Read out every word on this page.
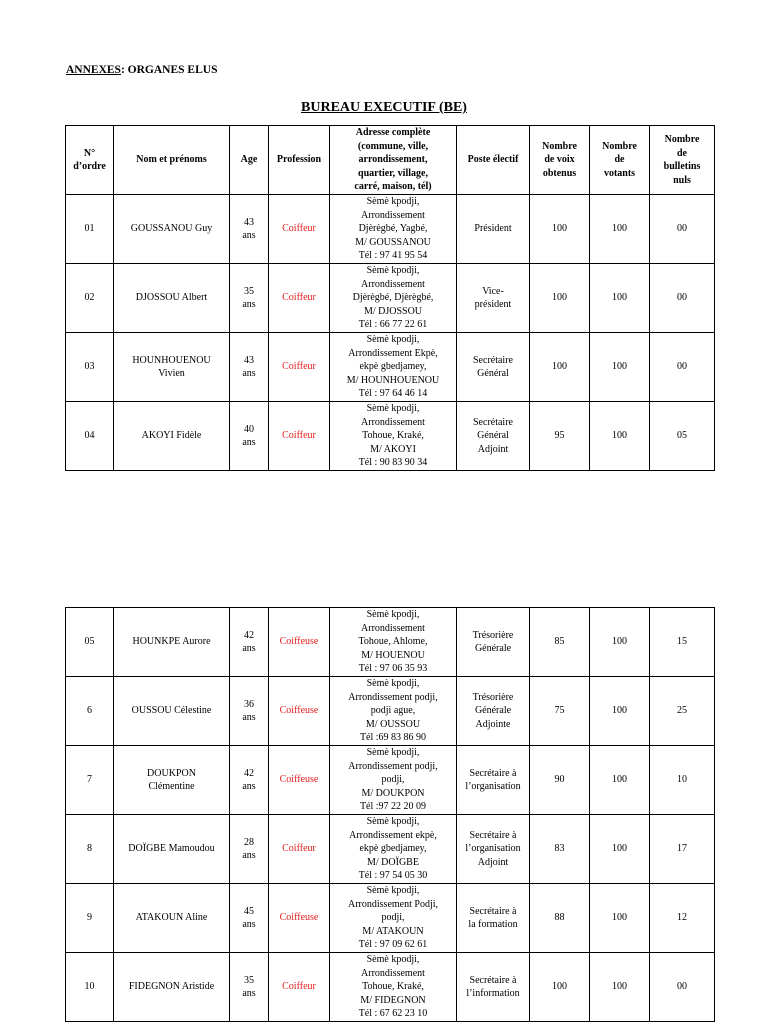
ANNEXES: ORGANES ELUS
BUREAU EXECUTIF (BE)
N°
d’ordre	Nom et prénoms	Age	Profession	Adresse complète
(commune, ville,
arrondissement,
quartier, village,
carré, maison, tél)	Poste électif	Nombre
de voix
obtenus	Nombre
de
votants	Nombre
de
bulletins
nuls

01	GOUSSANOU Guy	43
ans	Coiffeur	Sèmè kpodji,
Arrondissement
Djèrègbé, Yagbé,
M/ GOUSSANOU
Tél : 97 41 95 54	Président	100	100	00
02	DJOSSOU Albert	35
ans	Coiffeur	Sèmè kpodji,
Arrondissement
Djèrègbé, Djèrègbé,
M/ DJOSSOU
Tél : 66 77 22 61	Vice-
président	100	100	00
03	HOUNHOUENOU
Vivien	43
ans	Coiffeur	Sèmè kpodji,
Arrondissement Ekpè,
ekpè gbedjamey,
M/ HOUNHOUENOU
Tél : 97 64 46 14	Secrétaire
Général	100	100	00
04	AKOYI Fidèle	40
ans	Coiffeur	Sèmè kpodji,
Arrondissement
Tohoue, Kraké,
M/ AKOYI
Tél : 90 83 90 34	Secrétaire
Général
Adjoint	95	100	05
05	HOUNKPE Aurore	42
ans	Coiffeuse	Sèmè kpodji,
Arrondissement
Tohoue, Ahlome,
M/ HOUENOU
Tél : 97 06 35 93	Trésorière
Générale	85	100	15
6	OUSSOU Célestine	36
ans	Coiffeuse	Sèmè kpodji,
Arrondissement podji,
podji ague,
M/ OUSSOU
Tél :69 83 86 90	Trésorière
Générale
Adjointe	75	100	25
7	DOUKPON
Clémentine	42
ans	Coiffeuse	Sèmè kpodji,
Arrondissement podji,
podji,
M/ DOUKPON
Tél :97 22 20 09	Secrétaire à
l’organisation	90	100	10
8	DOÏGBE Mamoudou	28
ans	Coiffeur	Sèmè kpodji,
Arrondissement ekpè,
ekpè gbedjamey,
M/ DOÏGBE
Tél : 97 54 05 30	Secrétaire à
l’organisation
Adjoint	83	100	17
9	ATAKOUN Aline	45
ans	Coiffeuse	Sèmè kpodji,
Arrondissement Podji,
podji,
M/ ATAKOUN
Tél : 97 09 62 61	Secrétaire à
la formation	88	100	12
10	FIDEGNON Aristide	35
ans	Coiffeur	Sèmè kpodji,
Arrondissement
Tohoue, Kraké,
M/ FIDEGNON
Tél : 67 62 23 10	Secrétaire à
l’information	100	100	00
